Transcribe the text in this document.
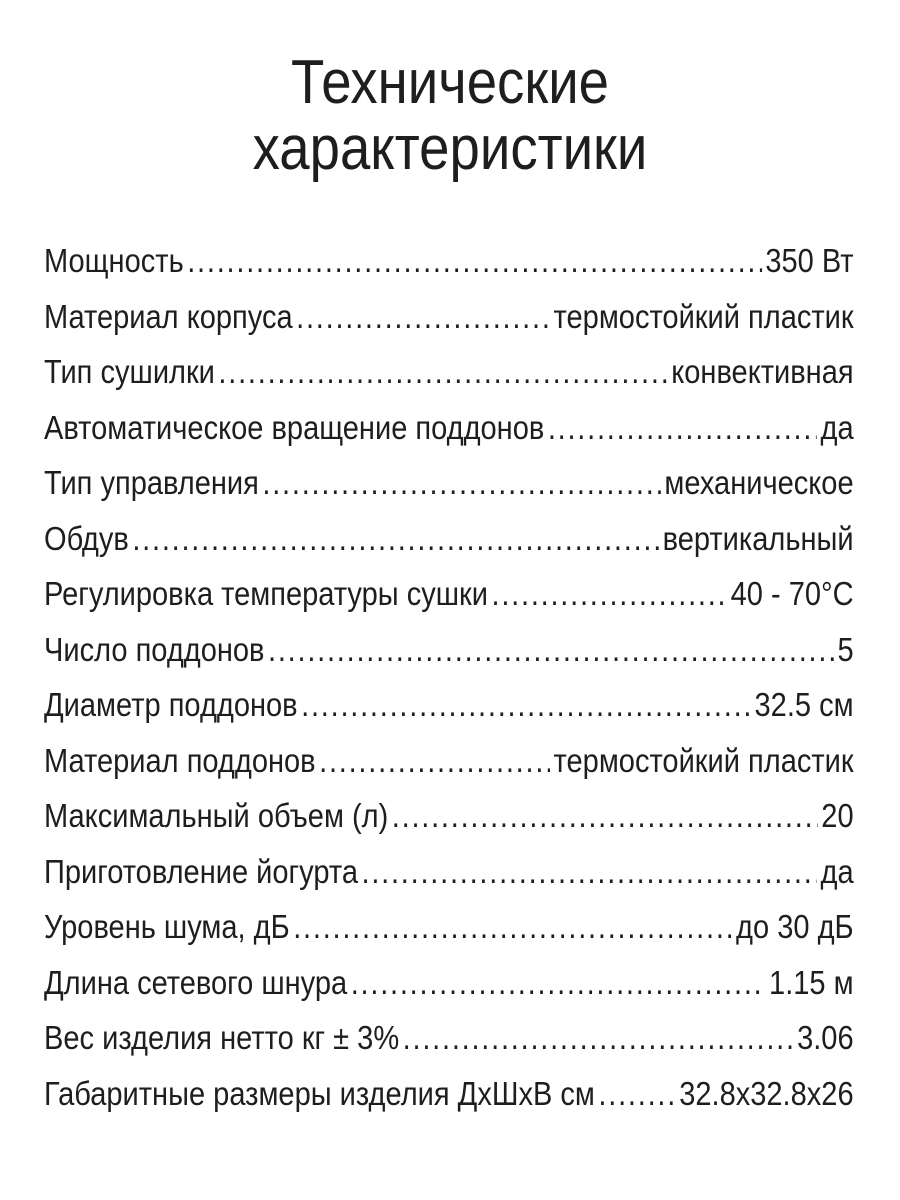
Технические
характеристики
Мощность .....	350 Вт
Материал корпуса .....	термостойкий пластик
Тип сушилки .....	конвективная
Автоматическое вращение поддонов .....	да
Тип управления .....	механическое
Обдув .....	вертикальный
Регулировка температуры сушки .....	40 - 70°С
Число поддонов .....	5
Диаметр поддонов .....	32.5 см
Материал поддонов .....	термостойкий пластик
Максимальный объем (л) .....	20
Приготовление йогурта .....	да
Уровень шума, дБ .....	до 30 дБ
Длина сетевого шнура .....	1.15 м
Вес изделия нетто кг ± 3% .....	3.06
Габаритные размеры изделия ДхШхВ см .....	32.8х32.8х26
